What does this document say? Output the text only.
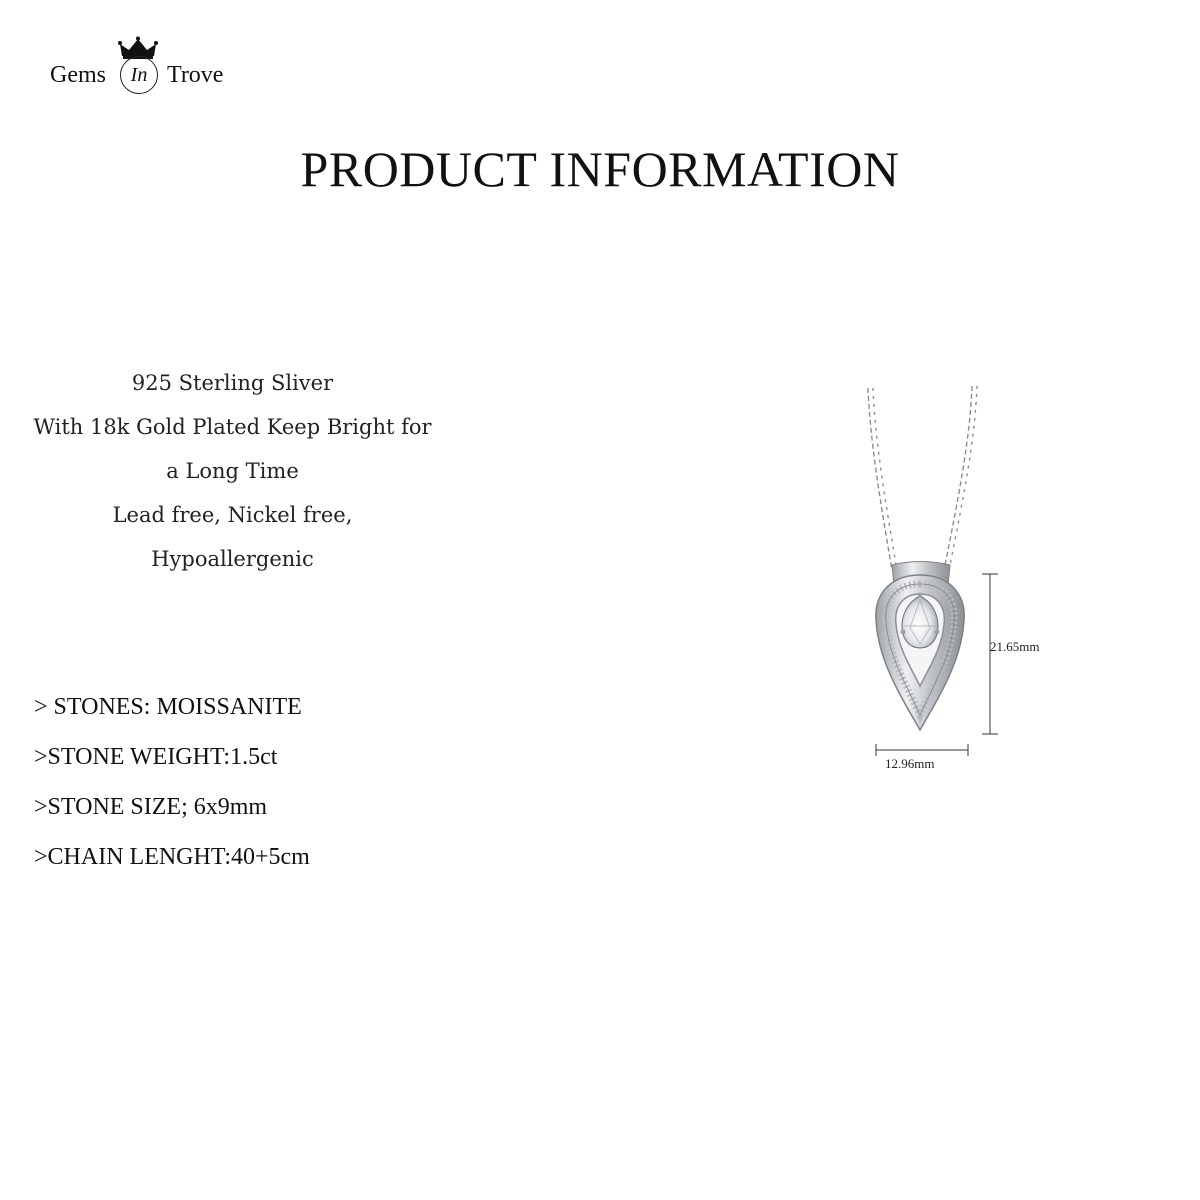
Gems	In Trove
PRODUCT INFORMATION
925 Sterling Sliver
With 18k Gold Plated Keep Bright for
a Long Time
Lead free, Nickel free,
Hypoallergenic
> STONES: MOISSANITE
>STONE WEIGHT:1.5ct
>STONE SIZE; 6x9mm
>CHAIN LENGHT:40+5cm
21.65mm
12.96mm
